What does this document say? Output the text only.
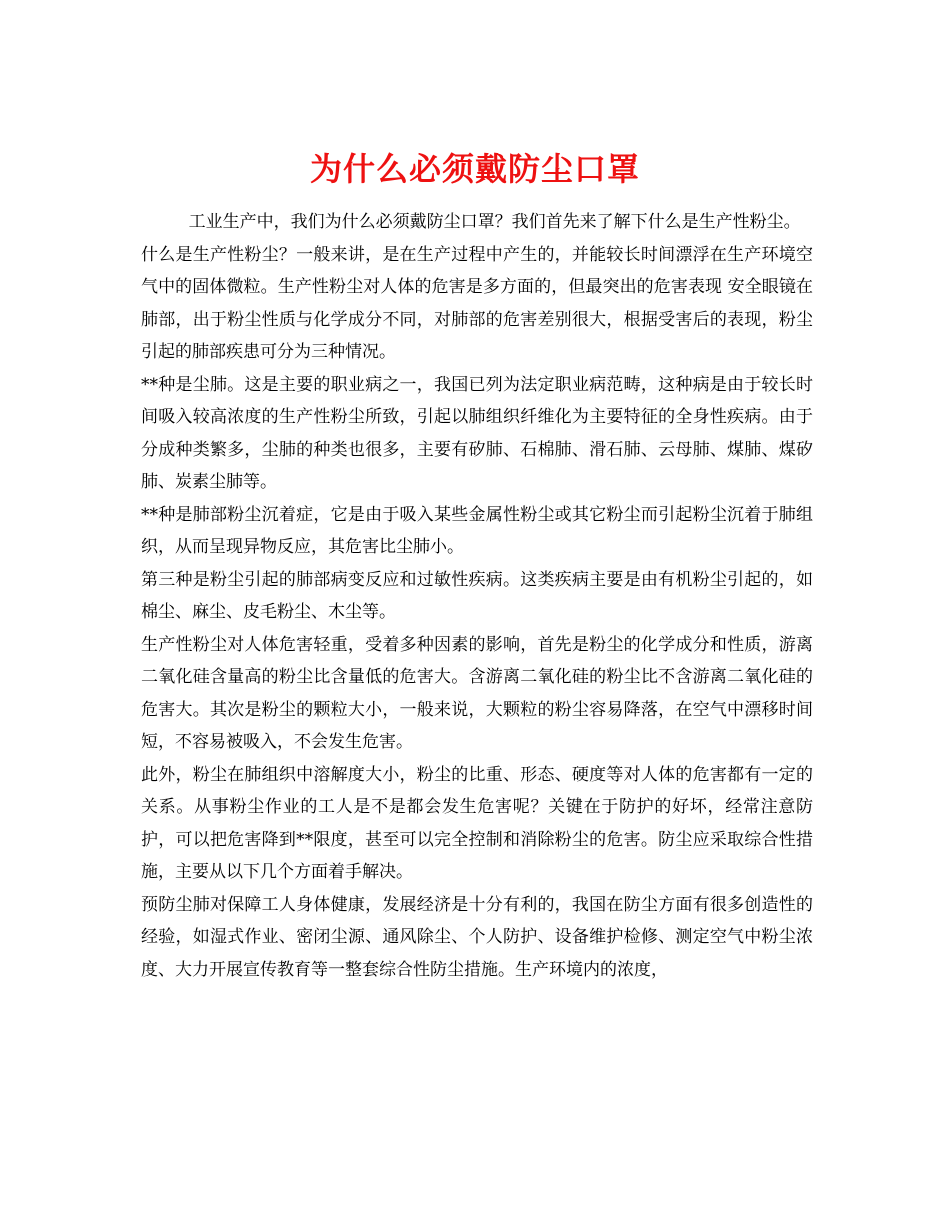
为什么必须戴防尘口罩

工业生产中，我们为什么必须戴防尘口罩？我们首先来了解下什么是生产性粉尘。

什么是生产性粉尘？一般来讲，是在生产过程中产生的，并能较长时间漂浮在生产环境空气中的固体微粒。生产性粉尘对人体的危害是多方面的，但最突出的危害表现 安全眼镜在肺部，出于粉尘性质与化学成分不同，对肺部的危害差别很大，根据受害后的表现，粉尘引起的肺部疾患可分为三种情况。

**种是尘肺。这是主要的职业病之一，我国已列为法定职业病范畴，这种病是由于较长时间吸入较高浓度的生产性粉尘所致，引起以肺组织纤维化为主要特征的全身性疾病。由于分成种类繁多，尘肺的种类也很多，主要有矽肺、石棉肺、滑石肺、云母肺、煤肺、煤矽肺、炭素尘肺等。

**种是肺部粉尘沉着症，它是由于吸入某些金属性粉尘或其它粉尘而引起粉尘沉着于肺组织，从而呈现异物反应，其危害比尘肺小。

第三种是粉尘引起的肺部病变反应和过敏性疾病。这类疾病主要是由有机粉尘引起的，如棉尘、麻尘、皮毛粉尘、木尘等。

生产性粉尘对人体危害轻重，受着多种因素的影响，首先是粉尘的化学成分和性质，游离二氧化硅含量高的粉尘比含量低的危害大。含游离二氧化硅的粉尘比不含游离二氧化硅的危害大。其次是粉尘的颗粒大小，一般来说，大颗粒的粉尘容易降落，在空气中漂移时间短，不容易被吸入，不会发生危害。

此外，粉尘在肺组织中溶解度大小，粉尘的比重、形态、硬度等对人体的危害都有一定的关系。从事粉尘作业的工人是不是都会发生危害呢？关键在于防护的好坏，经常注意防护，可以把危害降到**限度，甚至可以完全控制和消除粉尘的危害。防尘应采取综合性措施，主要从以下几个方面着手解决。

预防尘肺对保障工人身体健康，发展经济是十分有利的，我国在防尘方面有很多创造性的经验，如湿式作业、密闭尘源、通风除尘、个人防护、设备维护检修、测定空气中粉尘浓度、大力开展宣传教育等一整套综合性防尘措施。生产环境内的浓度，
